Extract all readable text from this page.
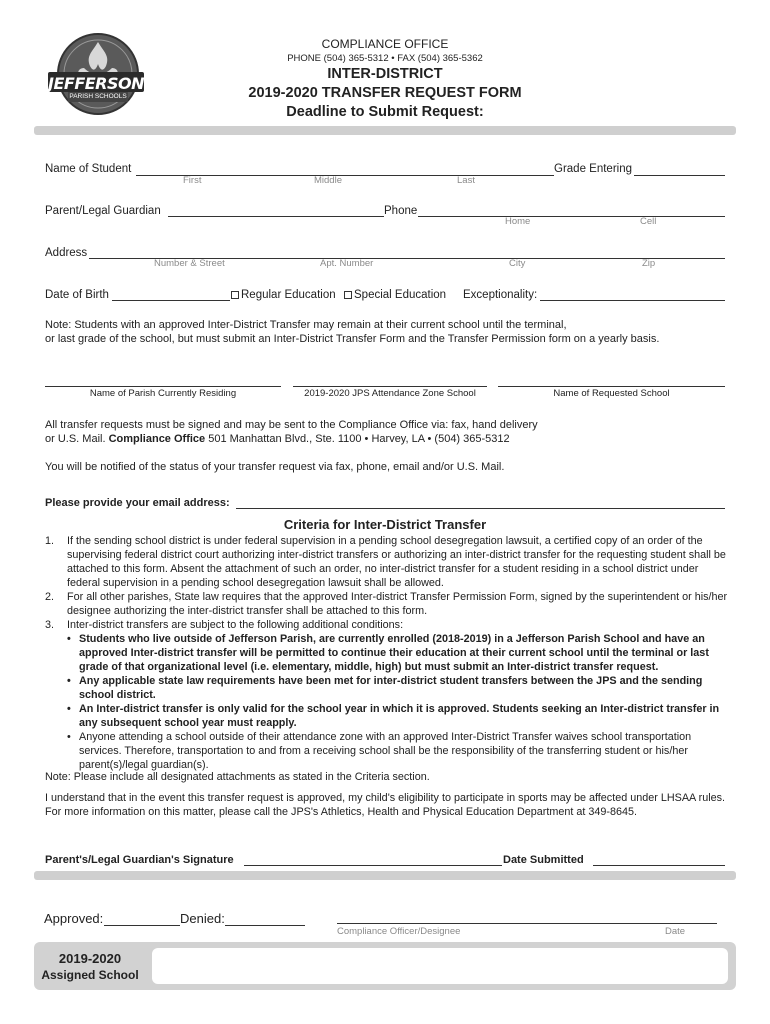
JEFFERSON
PARISH SCHOOLS
COMPLIANCE OFFICE
PHONE (504) 365-5312 • FAX (504) 365-5362
INTER-DISTRICT
2019-2020 TRANSFER REQUEST FORM
Deadline to Submit Request:
Name of Student
First	Middle	Last
Grade Entering
Parent/Legal Guardian	Phone
Home	Cell
Address
Number & Street	Apt. Number	City	Zip
Date of Birth	Regular Education	Special Education Exceptionality:
Note: Students with an approved Inter-District Transfer may remain at their current school until the terminal,
or last grade of the school, but must submit an Inter-District Transfer Form and the Transfer Permission form on a yearly basis.
Name of Parish Currently Residing	2019-2020 JPS Attendance Zone School	Name of Requested School
All transfer requests must be signed and may be sent to the Compliance Office via: fax, hand delivery
or U.S. Mail. Compliance Office 501 Manhattan Blvd., Ste. 1100 • Harvey, LA • (504) 365-5312
You will be notified of the status of your transfer request via fax, phone, email and/or U.S. Mail.
Please provide your email address:
Criteria for Inter-District Transfer
1.	If the sending school district is under federal supervision in a pending school desegregation lawsuit, a certified copy of an order of the supervising federal district court authorizing inter-district transfers or authorizing an inter-district transfer for the requesting student shall be attached to this form. Absent the attachment of such an order, no inter-district transfer for a student residing in a school district under federal supervision in a pending school desegregation lawsuit shall be allowed.
2.	For all other parishes, State law requires that the approved Inter-district Transfer Permission Form, signed by the superintendent or his/her designee authorizing the inter-district transfer shall be attached to this form.
3.	Inter-district transfers are subject to the following additional conditions:
• Students who live outside of Jefferson Parish, are currently enrolled (2018-2019) in a Jefferson Parish School and have an approved Inter-district transfer will be permitted to continue their education at their current school until the terminal or last grade of that organizational level (i.e. elementary, middle, high) but must submit an Inter-district transfer request.
• Any applicable state law requirements have been met for inter-district student transfers between the JPS and the sending school district.
• An Inter-district transfer is only valid for the school year in which it is approved. Students seeking an Inter-district transfer in any subsequent school year must reapply.
• Anyone attending a school outside of their attendance zone with an approved Inter-District Transfer waives school transportation services. Therefore, transportation to and from a receiving school shall be the responsibility of the transferring student or his/her parent(s)/legal guardian(s).
Note: Please include all designated attachments as stated in the Criteria section.
I understand that in the event this transfer request is approved, my child's eligibility to participate in sports may be affected under LHSAA rules. For more information on this matter, please call the JPS's Athletics, Health and Physical Education Department at 349-8645.
Parent's/Legal Guardian's Signature	Date Submitted
Approved:	Denied:
Compliance Officer/Designee	Date
2019-2020
Assigned School
